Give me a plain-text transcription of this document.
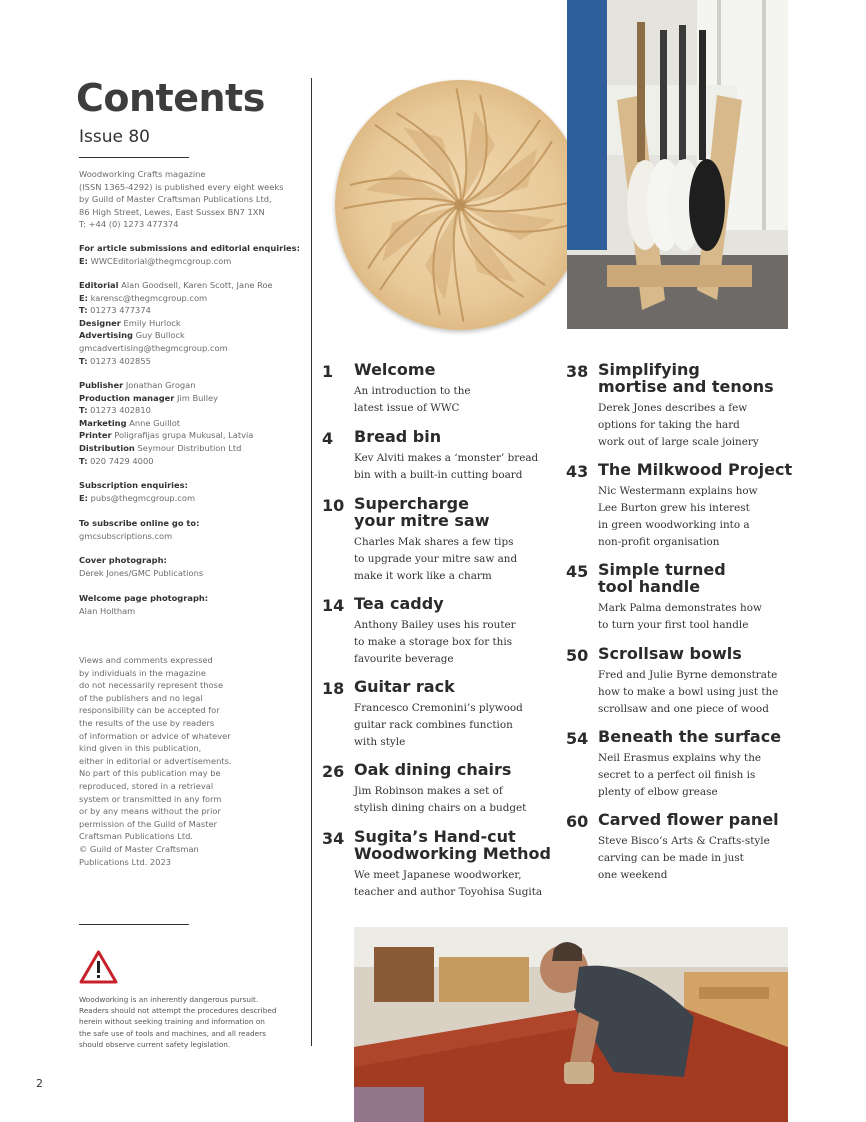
Contents
Issue 80
Woodworking Crafts magazine
(ISSN 1365-4292) is published every eight weeks
by Guild of Master Craftsman Publications Ltd,
86 High Street, Lewes, East Sussex BN7 1XN
T: +44 (0) 1273 477374
For article submissions and editorial enquiries:
E: WWCEditorial@thegmcgroup.com
Editorial Alan Goodsell, Karen Scott, Jane Roe
E: karensc@thegmcgroup.com
T: 01273 477374
Designer Emily Hurlock
Advertising Guy Bullock
gmcadvertising@thegmcgroup.com
T: 01273 402855
Publisher Jonathan Grogan
Production manager Jim Bulley
T: 01273 402810
Marketing Anne Guillot
Printer Poligrafijas grupa Mukusal, Latvia
Distribution Seymour Distribution Ltd
T: 020 7429 4000
Subscription enquiries:
E: pubs@thegmcgroup.com
To subscribe online go to:
gmcsubscriptions.com
Cover photograph:
Derek Jones/GMC Publications
Welcome page photograph:
Alan Holtham
Views and comments expressed
by individuals in the magazine
do not necessarily represent those
of the publishers and no legal
responsibility can be accepted for
the results of the use by readers
of information or advice of whatever
kind given in this publication,
either in editorial or advertisements.
No part of this publication may be
reproduced, stored in a retrieval
system or transmitted in any form
or by any means without the prior
permission of the Guild of Master
Craftsman Publications Ltd.
© Guild of Master Craftsman
Publications Ltd. 2023
Woodworking is an inherently dangerous pursuit.
Readers should not attempt the procedures described
herein without seeking training and information on
the safe use of tools and machines, and all readers
should observe current safety legislation.
2
1 Welcome
An introduction to the
latest issue of WWC
4 Bread bin
Kev Alviti makes a ‘monster’ bread
bin with a built-in cutting board
10 Supercharge
your mitre saw
Charles Mak shares a few tips
to upgrade your mitre saw and
make it work like a charm
14 Tea caddy
Anthony Bailey uses his router
to make a storage box for this
favourite beverage
18 Guitar rack
Francesco Cremonini’s plywood
guitar rack combines function
with style
26 Oak dining chairs
Jim Robinson makes a set of
stylish dining chairs on a budget
34 Sugita’s Hand-cut
Woodworking Method
We meet Japanese woodworker,
teacher and author Toyohisa Sugita
38 Simplifying
mortise and tenons
Derek Jones describes a few
options for taking the hard
work out of large scale joinery
43 The Milkwood Project
Nic Westermann explains how
Lee Burton grew his interest
in green woodworking into a
non-profit organisation
45 Simple turned
tool handle
Mark Palma demonstrates how
to turn your first tool handle
50 Scrollsaw bowls
Fred and Julie Byrne demonstrate
how to make a bowl using just the
scrollsaw and one piece of wood
54 Beneath the surface
Neil Erasmus explains why the
secret to a perfect oil finish is
plenty of elbow grease
60 Carved flower panel
Steve Bisco’s Arts & Crafts-style
carving can be made in just
one weekend
